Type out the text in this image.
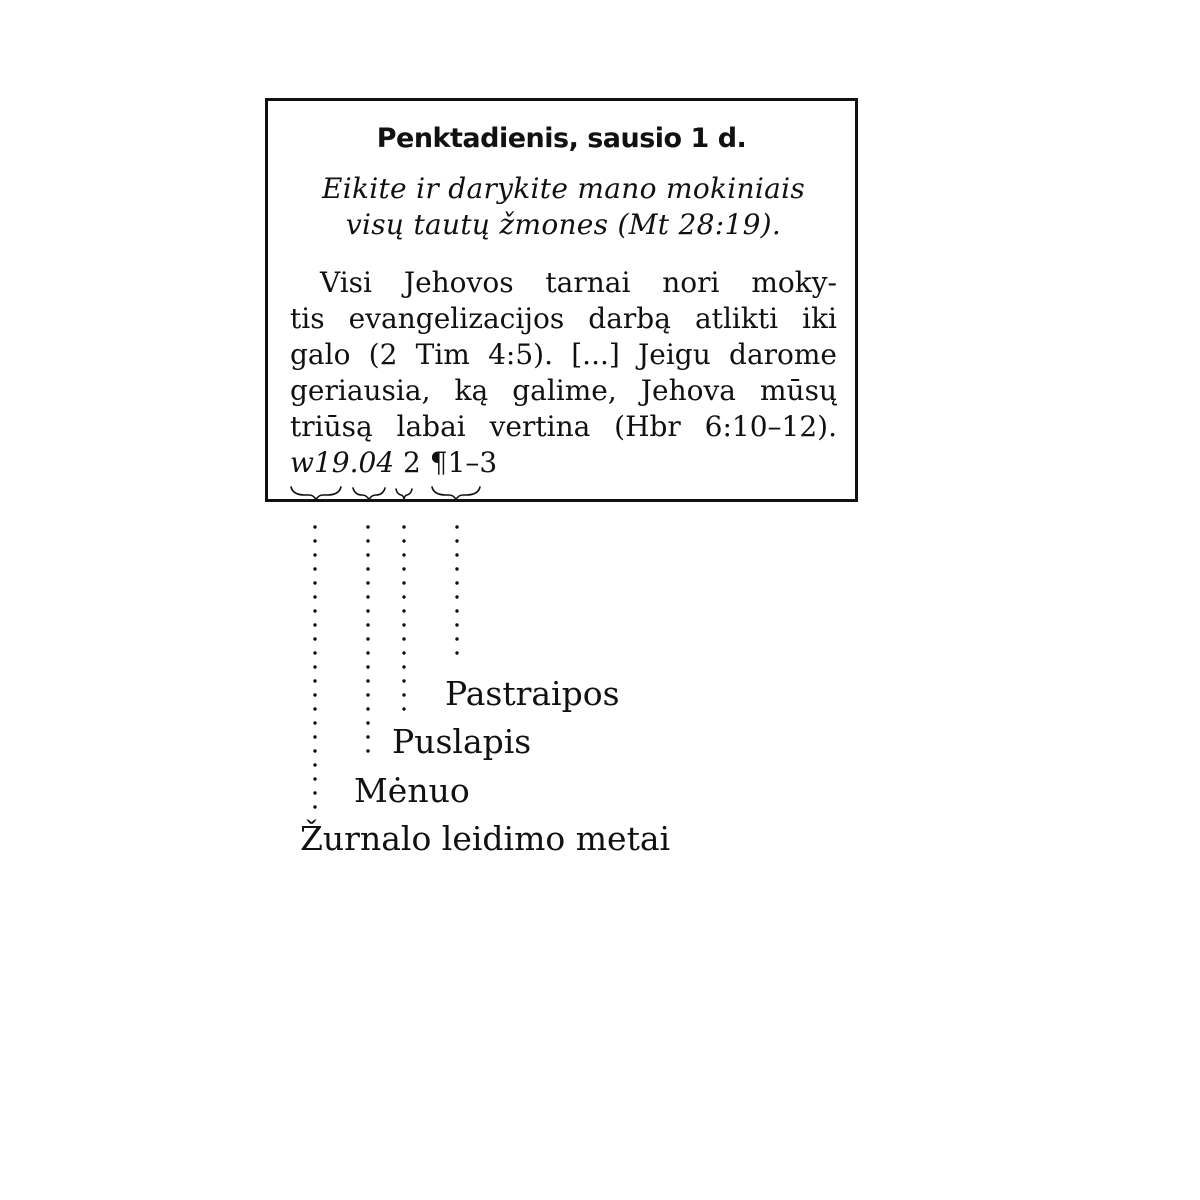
Penktadienis, sausio 1 d.
Eikite ir darykite mano mokiniais
visų tautų žmones (Mt 28:19).
Visi Jehovos tarnai nori moky-
tis evangelizacijos darbą atlikti iki
galo (2 Tim 4:5). [...] Jeigu darome
geriausia, ką galime, Jehova mūsų
triūsą labai vertina (Hbr 6:10–12).
w19.04 2 ¶1–3
Pastraipos
Puslapis
Mėnuo
Žurnalo leidimo metai
